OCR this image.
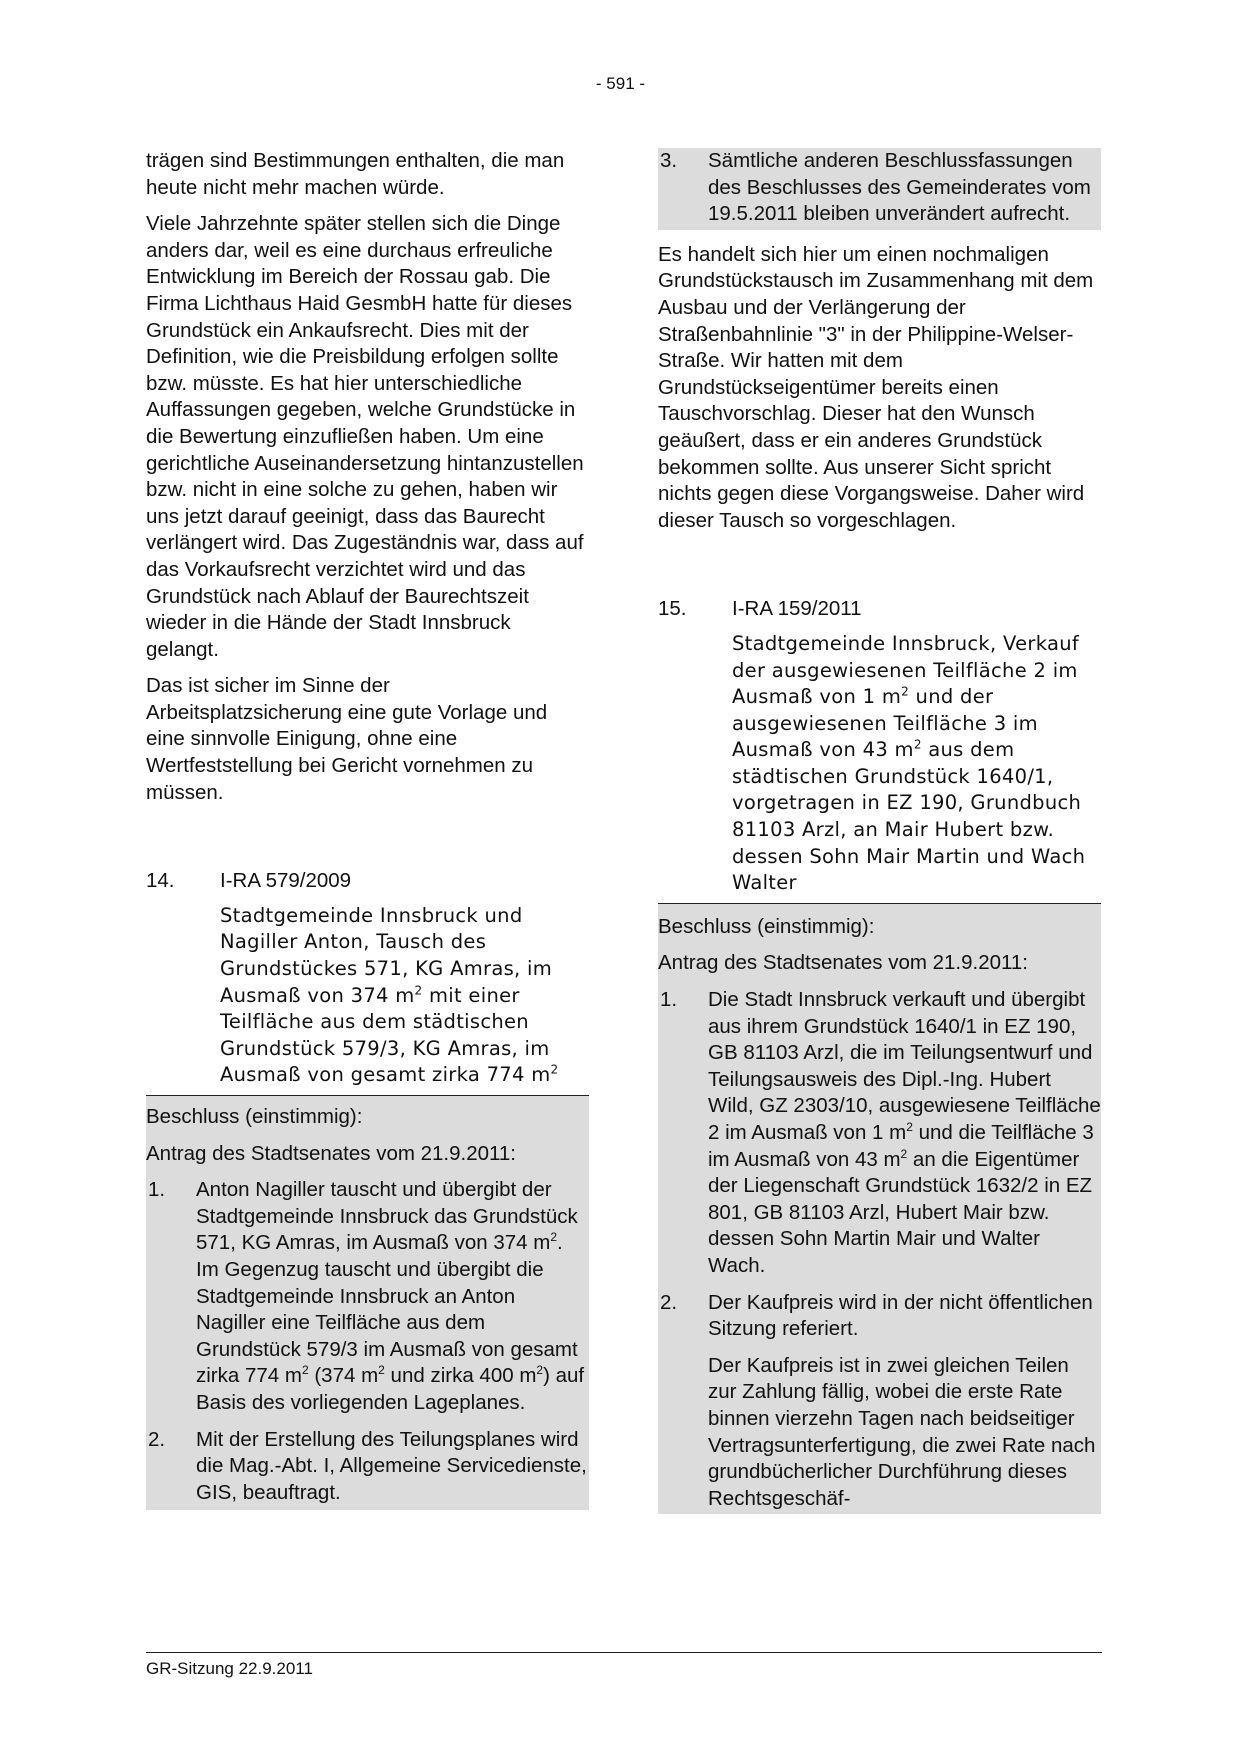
- 591 -

trägen sind Bestimmungen enthalten, die man heute nicht mehr machen würde.

Viele Jahrzehnte später stellen sich die Dinge anders dar, weil es eine durchaus erfreuliche Entwicklung im Bereich der Rossau gab. Die Firma Lichthaus Haid GesmbH hatte für dieses Grundstück ein Ankaufsrecht. Dies mit der Definition, wie die Preisbildung erfolgen sollte bzw. müsste. Es hat hier unterschiedliche Auffassungen gegeben, welche Grundstücke in die Bewertung einzufließen haben. Um eine gerichtliche Auseinandersetzung hintanzustellen bzw. nicht in eine solche zu gehen, haben wir uns jetzt darauf geeinigt, dass das Baurecht verlängert wird. Das Zugeständnis war, dass auf das Vorkaufsrecht verzichtet wird und das Grundstück nach Ablauf der Baurechtszeit wieder in die Hände der Stadt Innsbruck gelangt.

Das ist sicher im Sinne der Arbeitsplatzsicherung eine gute Vorlage und eine sinnvolle Einigung, ohne eine Wertfeststellung bei Gericht vornehmen zu müssen.

14.	I-RA 579/2009
Stadtgemeinde Innsbruck und Nagiller Anton, Tausch des Grundstückes 571, KG Amras, im Ausmaß von 374 $m^2$ mit einer Teilfläche aus dem städtischen Grundstück 579/3, KG Amras, im Ausmaß von gesamt zirka 774 $m^2$

Beschluss (einstimmig):

Antrag des Stadtsenates vom 21.9.2011:

1.	Anton Nagiller tauscht und übergibt der Stadtgemeinde Innsbruck das Grundstück 571, KG Amras, im Ausmaß von 374 $m^2$. Im Gegenzug tauscht und übergibt die Stadtgemeinde Innsbruck an Anton Nagiller eine Teilfläche aus dem Grundstück 579/3 im Ausmaß von gesamt zirka 774 $m^2$ (374 $m^2$ und zirka 400 $m^2$) auf Basis des vorliegenden Lageplanes.

2.	Mit der Erstellung des Teilungsplanes wird die Mag.-Abt. I, Allgemeine Servicedienste, GIS, beauftragt.

3.	Sämtliche anderen Beschlussfassungen des Beschlusses des Gemeinderates vom 19.5.2011 bleiben unverändert aufrecht.

Es handelt sich hier um einen nochmaligen Grundstückstausch im Zusammenhang mit dem Ausbau und der Verlängerung der Straßenbahnlinie "3" in der Philippine-Welser-Straße. Wir hatten mit dem Grundstückseigentümer bereits einen Tauschvorschlag. Dieser hat den Wunsch geäußert, dass er ein anderes Grundstück bekommen sollte. Aus unserer Sicht spricht nichts gegen diese Vorgangsweise. Daher wird dieser Tausch so vorgeschlagen.

15.	I-RA 159/2011
Stadtgemeinde Innsbruck, Verkauf der ausgewiesenen Teilfläche 2 im Ausmaß von 1 $m^2$ und der ausgewiesenen Teilfläche 3 im Ausmaß von 43 $m^2$ aus dem städtischen Grundstück 1640/1, vorgetragen in EZ 190, Grundbuch 81103 Arzl, an Mair Hubert bzw. dessen Sohn Mair Martin und Wach Walter

Beschluss (einstimmig):

Antrag des Stadtsenates vom 21.9.2011:

1.	Die Stadt Innsbruck verkauft und übergibt aus ihrem Grundstück 1640/1 in EZ 190, GB 81103 Arzl, die im Teilungsentwurf und Teilungsausweis des Dipl.-Ing. Hubert Wild, GZ 2303/10, ausgewiesene Teilfläche 2 im Ausmaß von 1 $m^2$ und die Teilfläche 3 im Ausmaß von 43 $m^2$ an die Eigentümer der Liegenschaft Grundstück 1632/2 in EZ 801, GB 81103 Arzl, Hubert Mair bzw. dessen Sohn Martin Mair und Walter Wach.

2.	Der Kaufpreis wird in der nicht öffentlichen Sitzung referiert.

Der Kaufpreis ist in zwei gleichen Teilen zur Zahlung fällig, wobei die erste Rate binnen vierzehn Tagen nach beidseitiger Vertragsunterfertigung, die zwei Rate nach grundbücherlicher Durchführung dieses Rechtsgeschäf-

GR-Sitzung 22.9.2011
